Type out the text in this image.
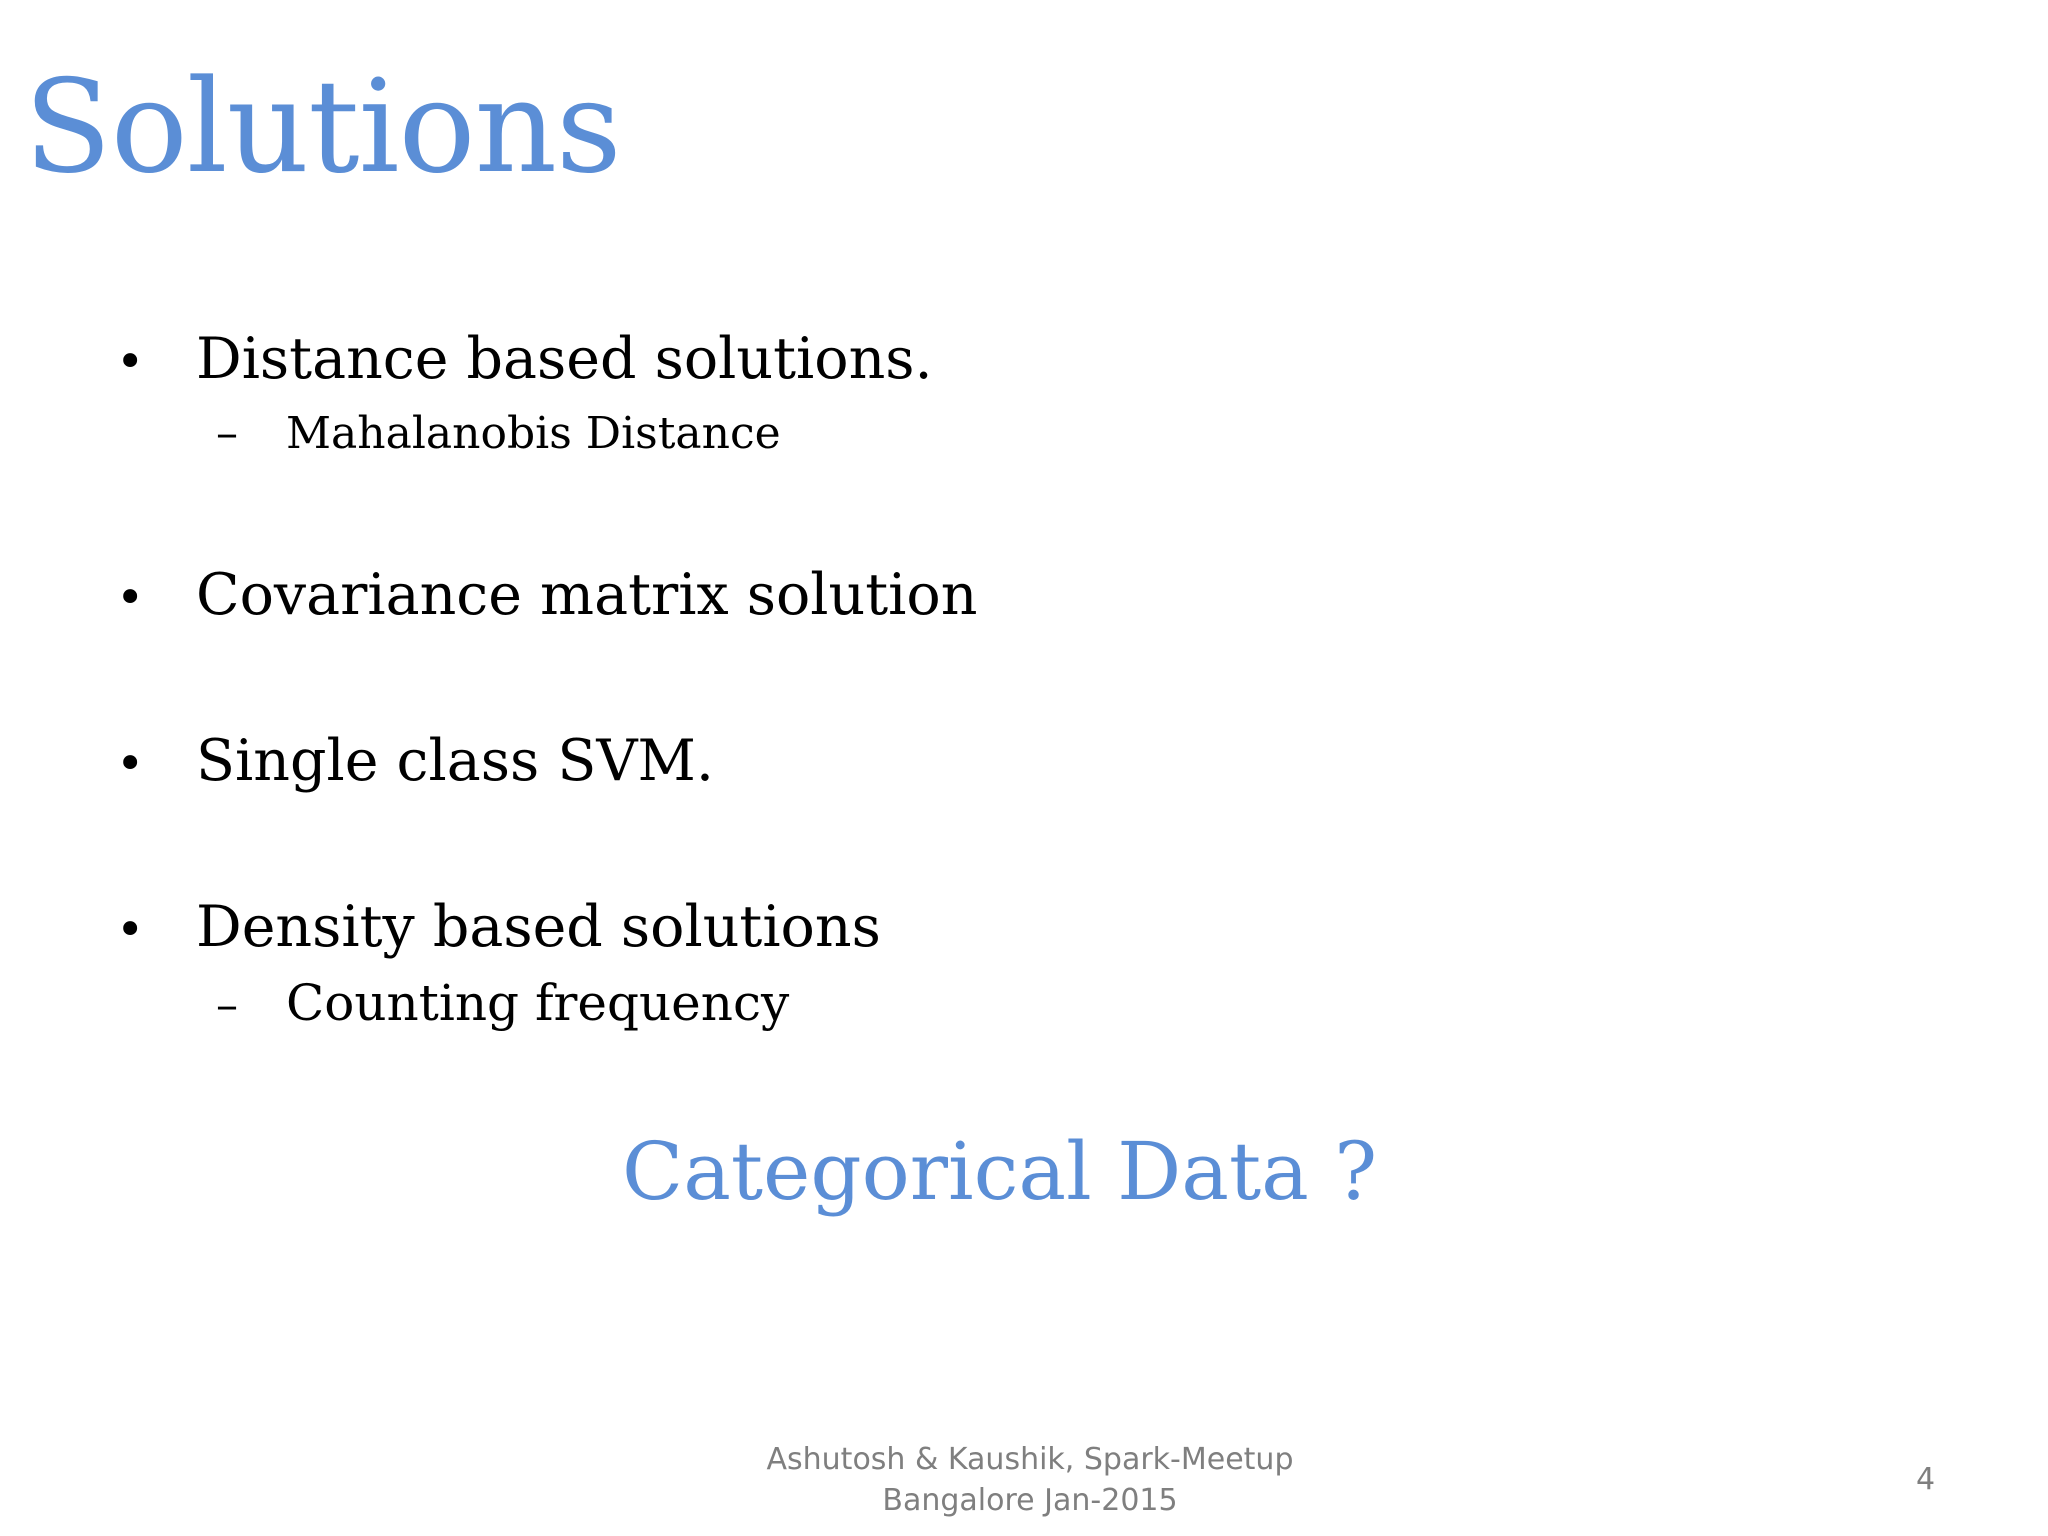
Solutions
• Distance based solutions.
–	Mahalanobis Distance
• Covariance matrix solution
• Single class SVM.
• Density based solutions
– Counting frequency
Categorical Data ?
Ashutosh & Kaushik, Spark-Meetup
Bangalore Jan-2015
4
